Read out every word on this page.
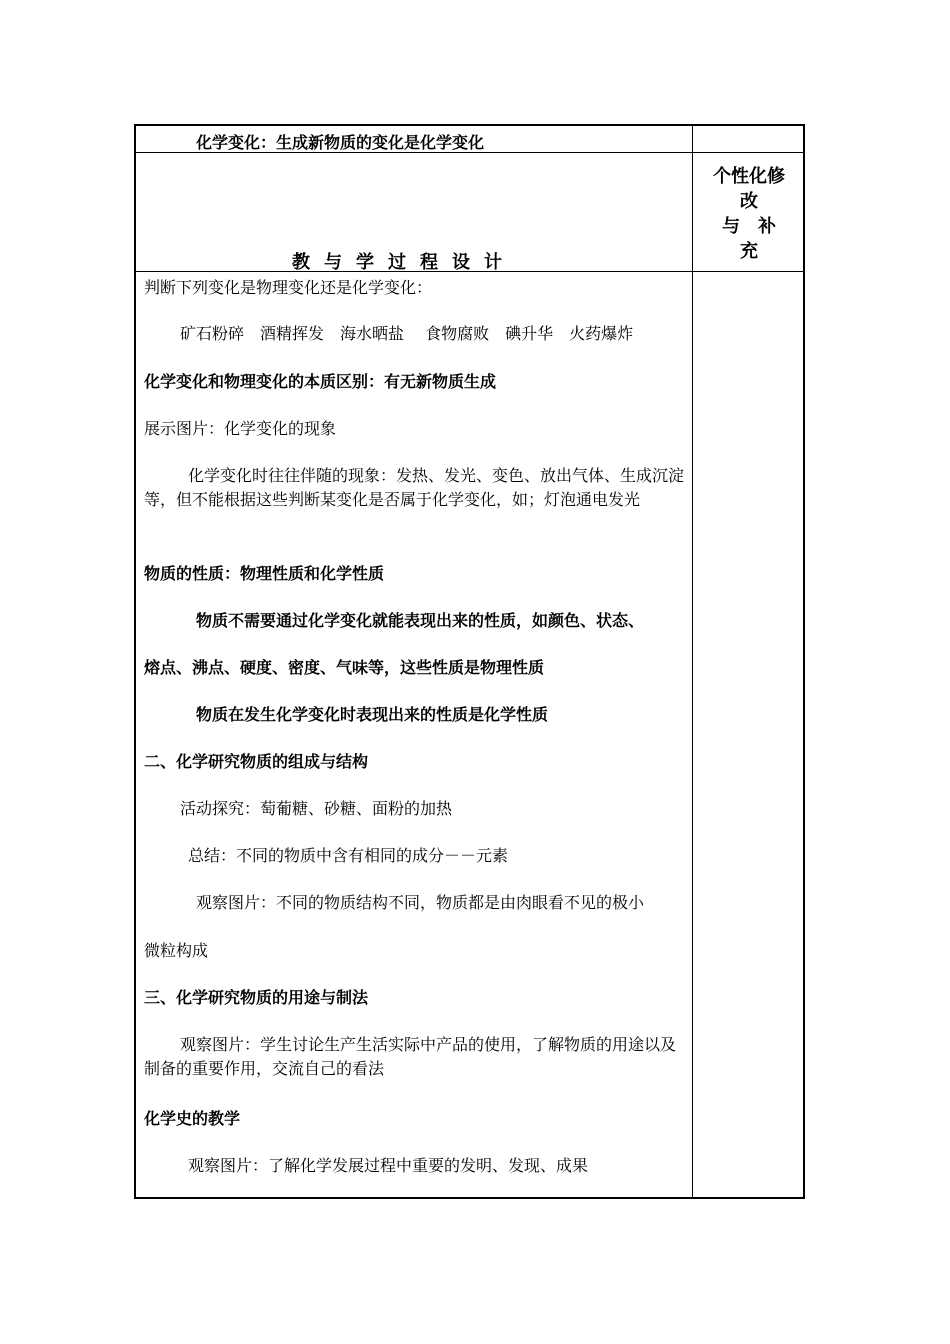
化学变化：生成新物质的变化是化学变化
教与学过程设计
个性化修
改
与　补
充
判断下列变化是物理变化还是化学变化：
矿石粉碎　酒精挥发　海水晒盐　 食物腐败　碘升华　火药爆炸
化学变化和物理变化的本质区别：有无新物质生成
展示图片：化学变化的现象
化学变化时往往伴随的现象：发热、发光、变色、放出气体、生成沉淀等，但不能根据这些判断某变化是否属于化学变化，如；灯泡通电发光
物质的性质：物理性质和化学性质
物质不需要通过化学变化就能表现出来的性质，如颜色、状态、
熔点、沸点、硬度、密度、气味等，这些性质是物理性质
物质在发生化学变化时表现出来的性质是化学性质
二、化学研究物质的组成与结构
活动探究：萄葡糖、砂糖、面粉的加热
总结：不同的物质中含有相同的成分－－元素
观察图片：不同的物质结构不同，物质都是由肉眼看不见的极小
微粒构成
三、化学研究物质的用途与制法
观察图片：学生讨论生产生活实际中产品的使用，了解物质的用途以及制备的重要作用，交流自己的看法
化学史的教学
观察图片：了解化学发展过程中重要的发明、发现、成果
